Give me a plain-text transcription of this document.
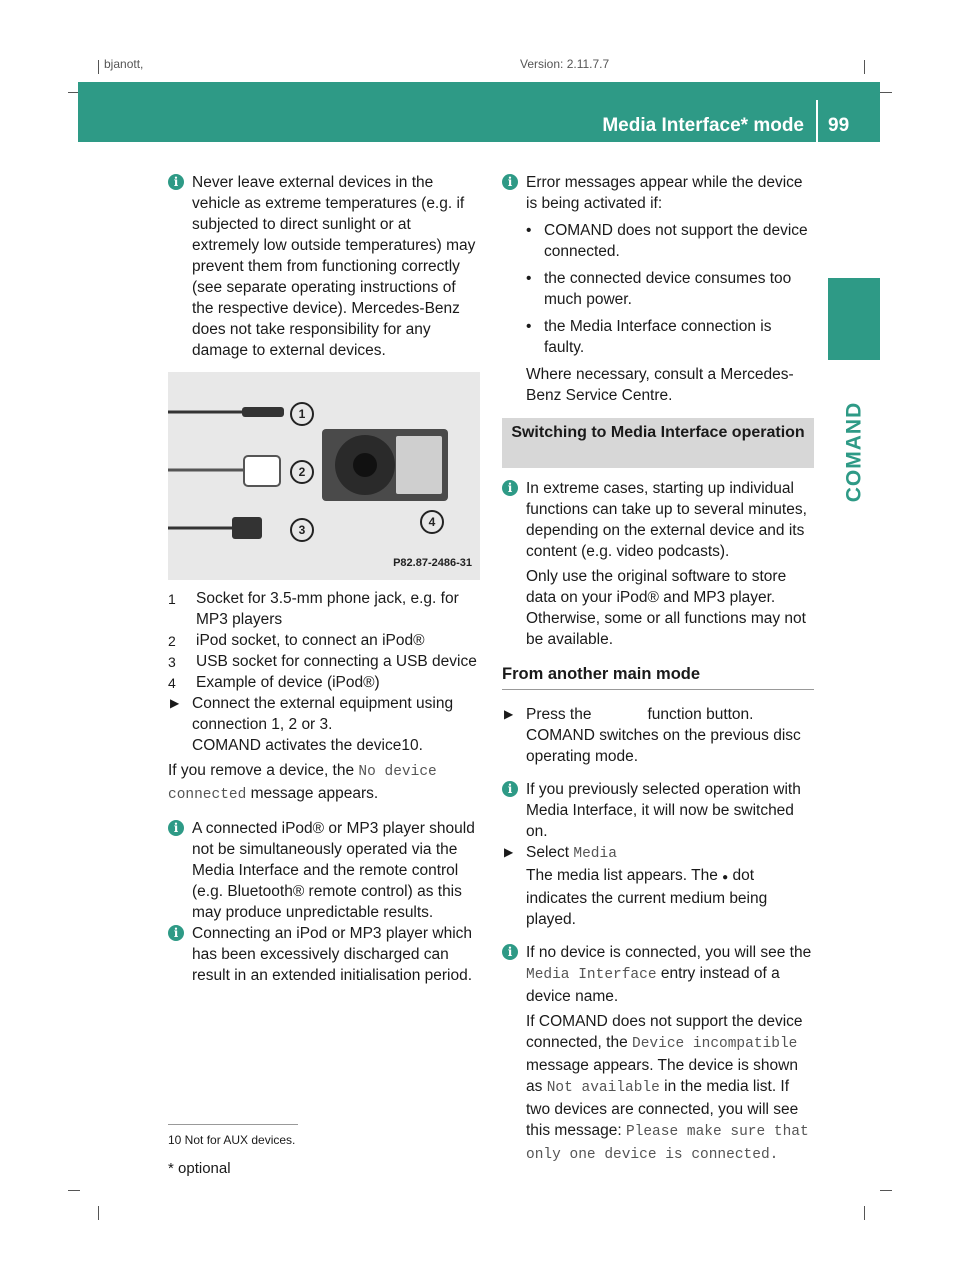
bjanott,	Version: 2.11.7.7
Media Interface* mode 99
COMAND

i Never leave external devices in the vehicle as extreme temperatures (e.g. if subjected to direct sunlight or at extremely low outside temperatures) may prevent them from functioning correctly (see separate operating instructions of the respective device). Mercedes-Benz does not take responsibility for any damage to external devices.

1
2
3
4
P82.87-2486-31

1 Socket for 3.5-mm phone jack, e.g. for MP3 players

2 iPod socket, to connect an iPod®

3 USB socket for connecting a USB device

4 Example of device (iPod®)

▶ Connect the external equipment using connection 1, 2 or 3.

COMAND activates the device10.

If you remove a device, the No device connected message appears.

i A connected iPod® or MP3 player should not be simultaneously operated via the Media Interface and the remote control (e.g. Bluetooth® remote control) as this may produce unpredictable results.

i Connecting an iPod or MP3 player which has been excessively discharged can result in an extended initialisation period.

i Error messages appear while the device is being activated if:

• COMAND does not support the device connected.

• the connected device consumes too much power.

• the Media Interface connection is faulty.

Where necessary, consult a Mercedes-Benz Service Centre.

Switching to Media Interface operation

i In extreme cases, starting up individual functions can take up to several minutes, depending on the external device and its content (e.g. video podcasts).

Only use the original software to store data on your iPod® and MP3 player. Otherwise, some or all functions may not be available.

From another main mode

▶ Press the	function button.

COMAND switches on the previous disc operating mode.

i If you previously selected operation with Media Interface, it will now be switched on.

▶ Select Media

The media list appears. The ● dot indicates the current medium being played.

i If no device is connected, you will see the Media Interface entry instead of a device name.

If COMAND does not support the device connected, the Device incompatible message appears. The device is shown as Not available in the media list. If two devices are connected, you will see this message: Please make sure that only one device is connected.

10 Not for AUX devices.
* optional
